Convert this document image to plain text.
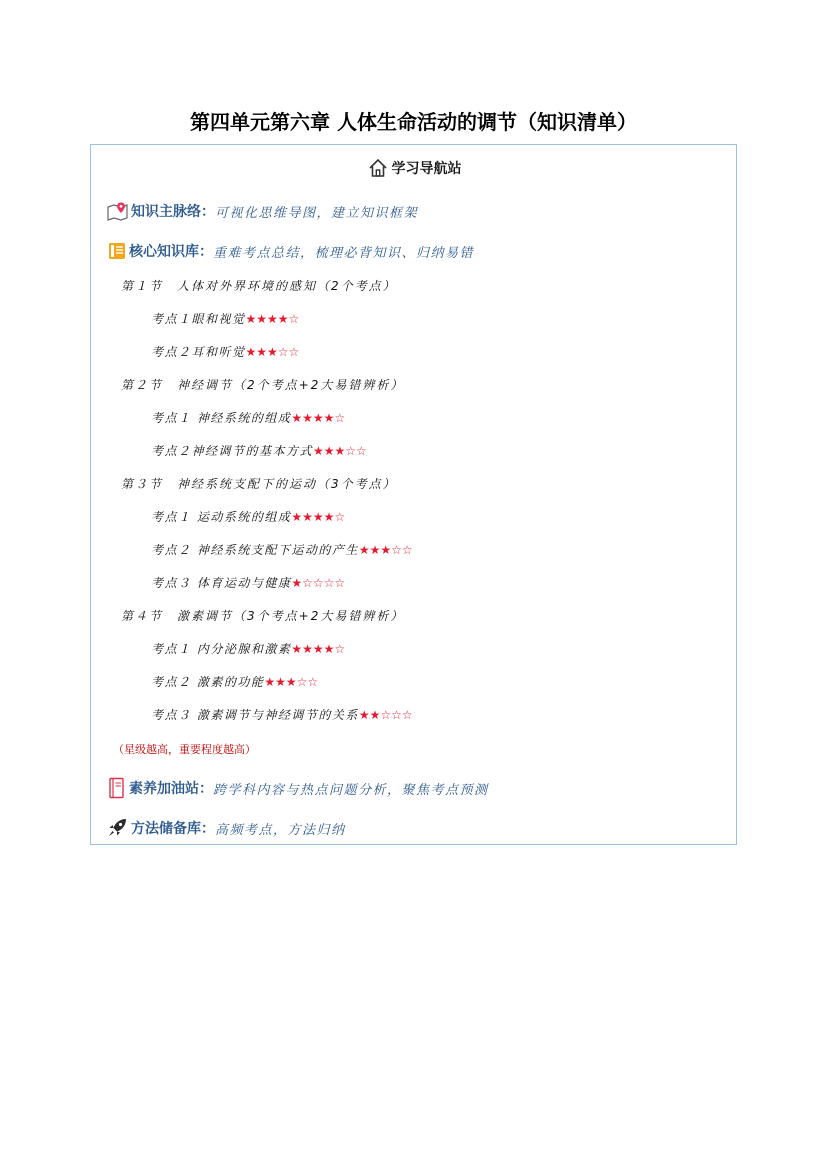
第四单元第六章 人体生命活动的调节（知识清单）
学习导航站
知识主脉络： 可视化思维导图，建立知识框架
核心知识库： 重难考点总结，梳理必背知识、归纳易错
第１节　人体对外界环境的感知（2个考点）
考点１眼和视觉 ★★★★☆
考点２耳和听觉 ★★★☆☆
第２节　神经调节（2个考点+2大易错辨析）
考点１ 神经系统的组成 ★★★★☆
考点２神经调节的基本方式 ★★★☆☆
第３节　神经系统支配下的运动（3个考点）
考点１ 运动系统的组成 ★★★★☆
考点２ 神经系统支配下运动的产生 ★★★☆☆
考点３ 体育运动与健康 ★☆☆☆☆
第４节　激素调节（3个考点+2大易错辨析）
考点１ 内分泌腺和激素 ★★★★☆
考点２ 激素的功能 ★★★☆☆
考点３ 激素调节与神经调节的关系 ★★☆☆☆
（星级越高，重要程度越高）
素养加油站： 跨学科内容与热点问题分析，聚焦考点预测
方法储备库： 高频考点，方法归纳
